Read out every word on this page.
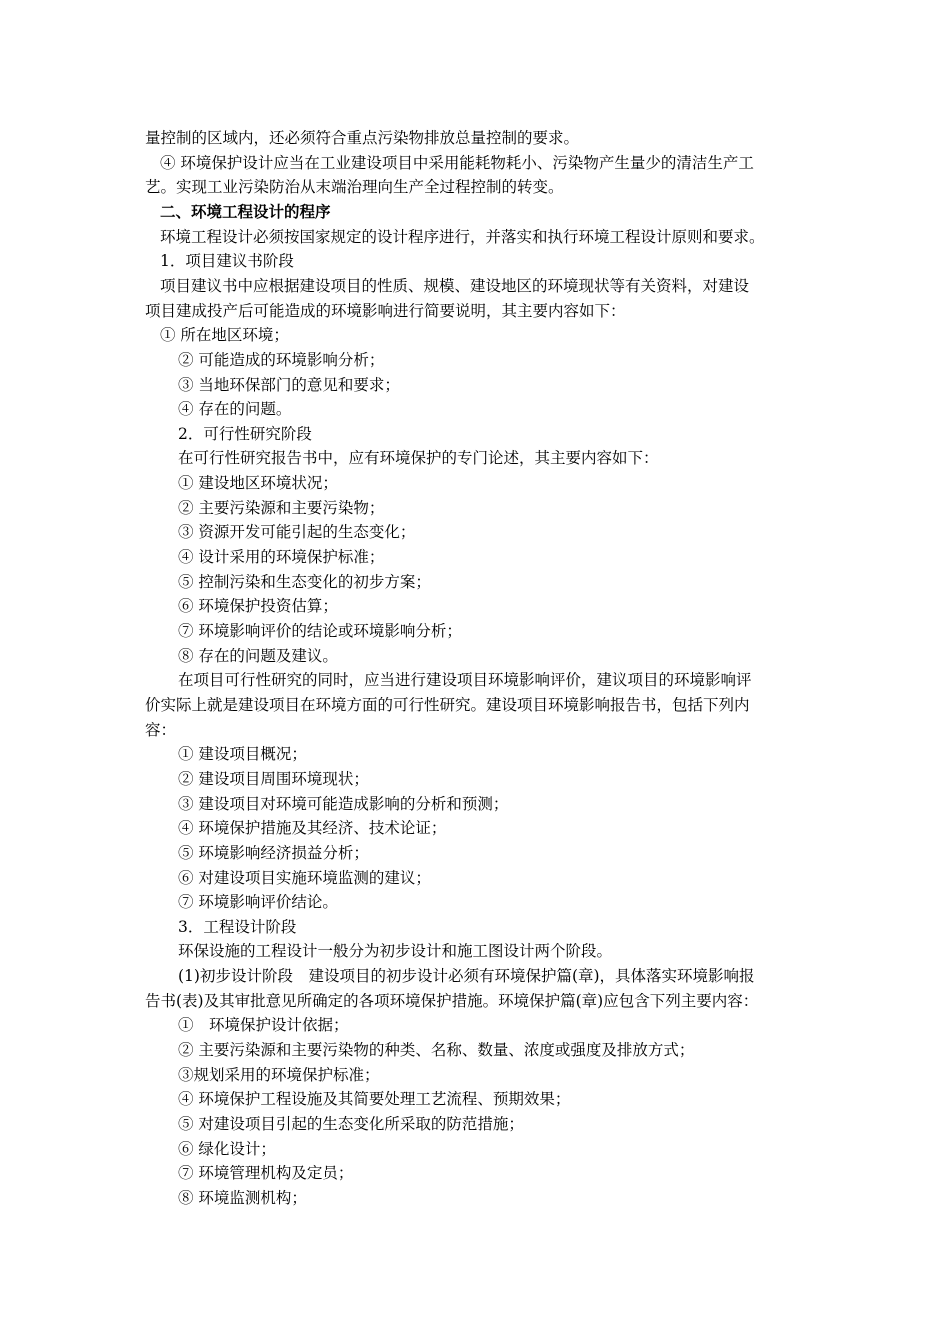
量控制的区域内，还必须符合重点污染物排放总量控制的要求。
④ 环境保护设计应当在工业建设项目中采用能耗物耗小、污染物产生量少的清洁生产工
艺。实现工业污染防治从末端治理向生产全过程控制的转变。
二、环境工程设计的程序
环境工程设计必须按国家规定的设计程序进行，并落实和执行环境工程设计原则和要求。
1．项目建议书阶段
项目建议书中应根据建设项目的性质、规模、建设地区的环境现状等有关资料，对建设
项目建成投产后可能造成的环境影响进行简要说明，其主要内容如下：
① 所在地区环境；
② 可能造成的环境影响分析；
③ 当地环保部门的意见和要求；
④ 存在的问题。
2．可行性研究阶段
在可行性研究报告书中，应有环境保护的专门论述，其主要内容如下：
① 建设地区环境状况；
② 主要污染源和主要污染物；
③ 资源开发可能引起的生态变化；
④ 设计采用的环境保护标准；
⑤ 控制污染和生态变化的初步方案；
⑥ 环境保护投资估算；
⑦ 环境影响评价的结论或环境影响分析；
⑧ 存在的问题及建议。
在项目可行性研究的同时，应当进行建设项目环境影响评价，建议项目的环境影响评
价实际上就是建设项目在环境方面的可行性研究。建设项目环境影响报告书，包括下列内
容：
① 建设项目概况；
② 建设项目周围环境现状；
③ 建设项目对环境可能造成影响的分析和预测；
④ 环境保护措施及其经济、技术论证；
⑤ 环境影响经济损益分析；
⑥ 对建设项目实施环境监测的建议；
⑦ 环境影响评价结论。
3．工程设计阶段
环保设施的工程设计一般分为初步设计和施工图设计两个阶段。
(1)初步设计阶段　建设项目的初步设计必须有环境保护篇(章)，具体落实环境影响报
告书(表)及其审批意见所确定的各项环境保护措施。环境保护篇(章)应包含下列主要内容：
①　环境保护设计依据；
② 主要污染源和主要污染物的种类、名称、数量、浓度或强度及排放方式；
③规划采用的环境保护标准；
④ 环境保护工程设施及其简要处理工艺流程、预期效果；
⑤ 对建设项目引起的生态变化所采取的防范措施；
⑥ 绿化设计；
⑦ 环境管理机构及定员；
⑧ 环境监测机构；
